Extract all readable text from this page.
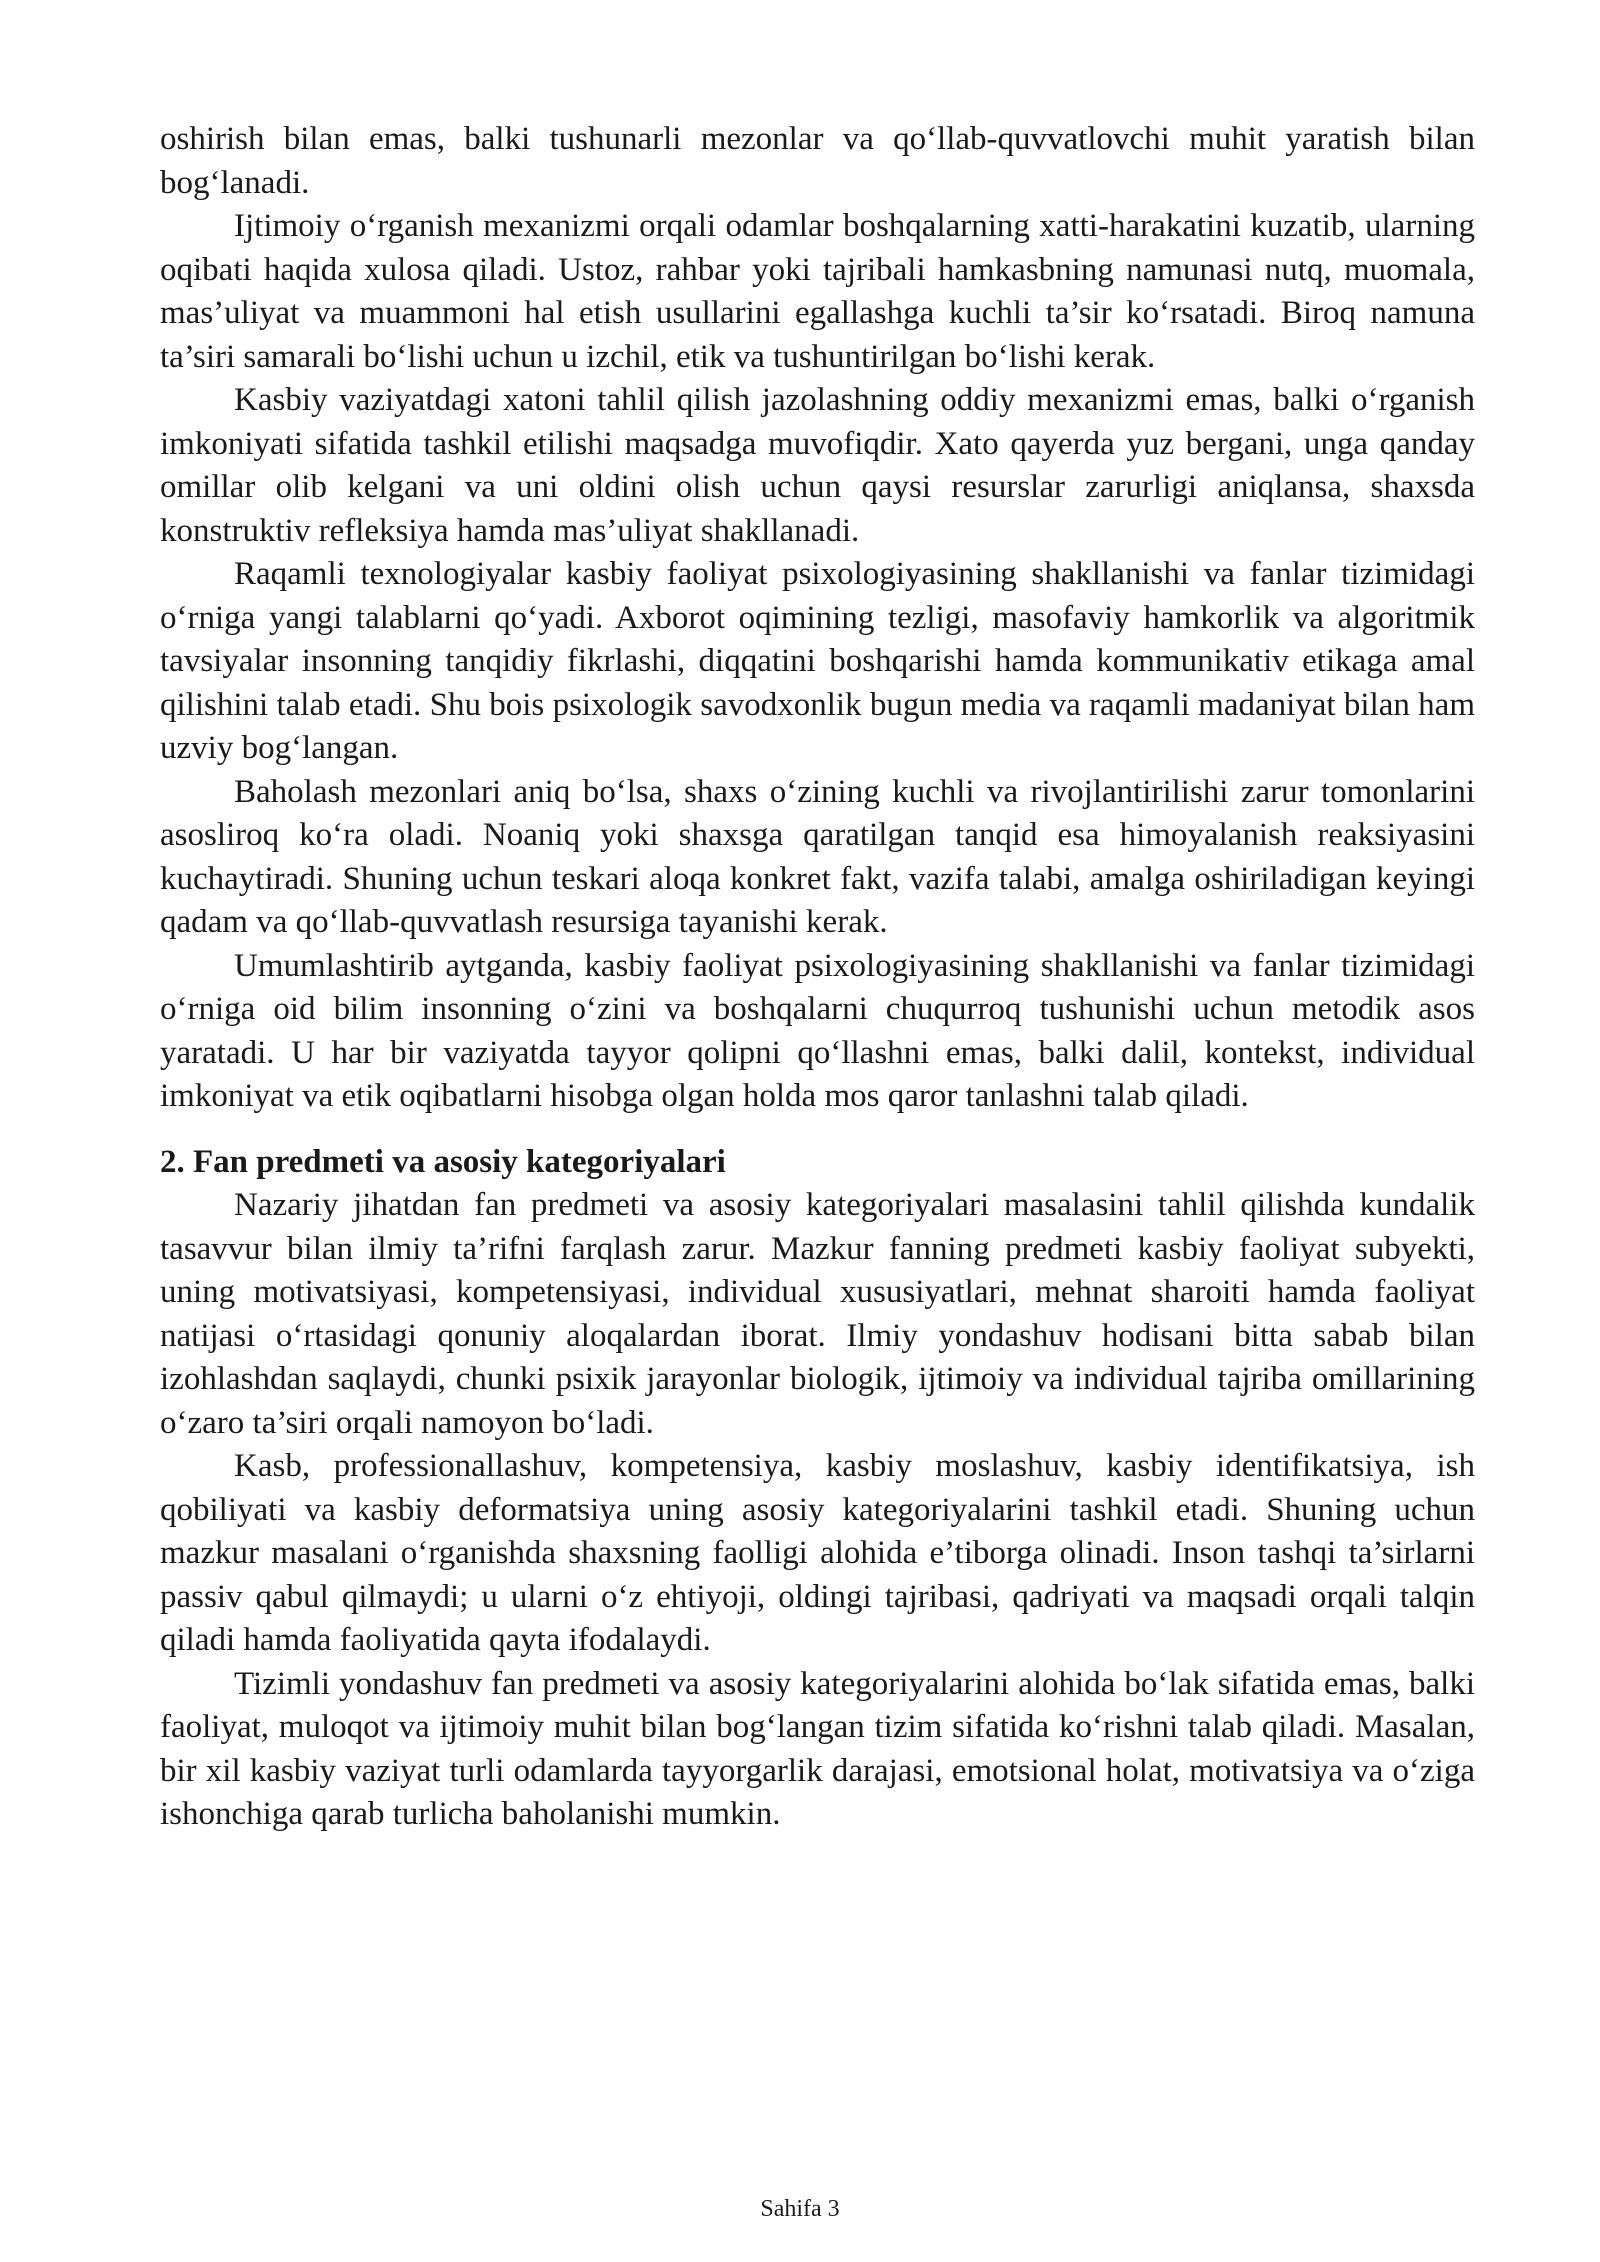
oshirish bilan emas, balki tushunarli mezonlar va qo‘llab-quvvatlovchi muhit yaratish bilan bog‘lanadi.

Ijtimoiy o‘rganish mexanizmi orqali odamlar boshqalarning xatti-harakatini kuzatib, ularning oqibati haqida xulosa qiladi. Ustoz, rahbar yoki tajribali hamkasbning namunasi nutq, muomala, mas’uliyat va muammoni hal etish usullarini egallashga kuchli ta’sir ko‘rsatadi. Biroq namuna ta’siri samarali bo‘lishi uchun u izchil, etik va tushuntirilgan bo‘lishi kerak.

Kasbiy vaziyatdagi xatoni tahlil qilish jazolashning oddiy mexanizmi emas, balki o‘rganish imkoniyati sifatida tashkil etilishi maqsadga muvofiqdir. Xato qayerda yuz bergani, unga qanday omillar olib kelgani va uni oldini olish uchun qaysi resurslar zarurligi aniqlansa, shaxsda konstruktiv refleksiya hamda mas’uliyat shakllanadi.

Raqamli texnologiyalar kasbiy faoliyat psixologiyasining shakllanishi va fanlar tizimidagi o‘rniga yangi talablarni qo‘yadi. Axborot oqimining tezligi, masofaviy hamkorlik va algoritmik tavsiyalar insonning tanqidiy fikrlashi, diqqatini boshqarishi hamda kommunikativ etikaga amal qilishini talab etadi. Shu bois psixologik savodxonlik bugun media va raqamli madaniyat bilan ham uzviy bog‘langan.

Baholash mezonlari aniq bo‘lsa, shaxs o‘zining kuchli va rivojlantirilishi zarur tomonlarini asosliroq ko‘ra oladi. Noaniq yoki shaxsga qaratilgan tanqid esa himoyalanish reaksiyasini kuchaytiradi. Shuning uchun teskari aloqa konkret fakt, vazifa talabi, amalga oshiriladigan keyingi qadam va qo‘llab-quvvatlash resursiga tayanishi kerak.

Umumlashtirib aytganda, kasbiy faoliyat psixologiyasining shakllanishi va fanlar tizimidagi o‘rniga oid bilim insonning o‘zini va boshqalarni chuqurroq tushunishi uchun metodik asos yaratadi. U har bir vaziyatda tayyor qolipni qo‘llashni emas, balki dalil, kontekst, individual imkoniyat va etik oqibatlarni hisobga olgan holda mos qaror tanlashni talab qiladi.

2. Fan predmeti va asosiy kategoriyalari

Nazariy jihatdan fan predmeti va asosiy kategoriyalari masalasini tahlil qilishda kundalik tasavvur bilan ilmiy ta’rifni farqlash zarur. Mazkur fanning predmeti kasbiy faoliyat subyekti, uning motivatsiyasi, kompetensiyasi, individual xususiyatlari, mehnat sharoiti hamda faoliyat natijasi o‘rtasidagi qonuniy aloqalardan iborat. Ilmiy yondashuv hodisani bitta sabab bilan izohlashdan saqlaydi, chunki psixik jarayonlar biologik, ijtimoiy va individual tajriba omillarining o‘zaro ta’siri orqali namoyon bo‘ladi.

Kasb, professionallashuv, kompetensiya, kasbiy moslashuv, kasbiy identifikatsiya, ish qobiliyati va kasbiy deformatsiya uning asosiy kategoriyalarini tashkil etadi. Shuning uchun mazkur masalani o‘rganishda shaxsning faolligi alohida e’tiborga olinadi. Inson tashqi ta’sirlarni passiv qabul qilmaydi; u ularni o‘z ehtiyoji, oldingi tajribasi, qadriyati va maqsadi orqali talqin qiladi hamda faoliyatida qayta ifodalaydi.

Tizimli yondashuv fan predmeti va asosiy kategoriyalarini alohida bo‘lak sifatida emas, balki faoliyat, muloqot va ijtimoiy muhit bilan bog‘langan tizim sifatida ko‘rishni talab qiladi. Masalan, bir xil kasbiy vaziyat turli odamlarda tayyorgarlik darajasi, emotsional holat, motivatsiya va o‘ziga ishonchiga qarab turlicha baholanishi mumkin.

Sahifa 3
